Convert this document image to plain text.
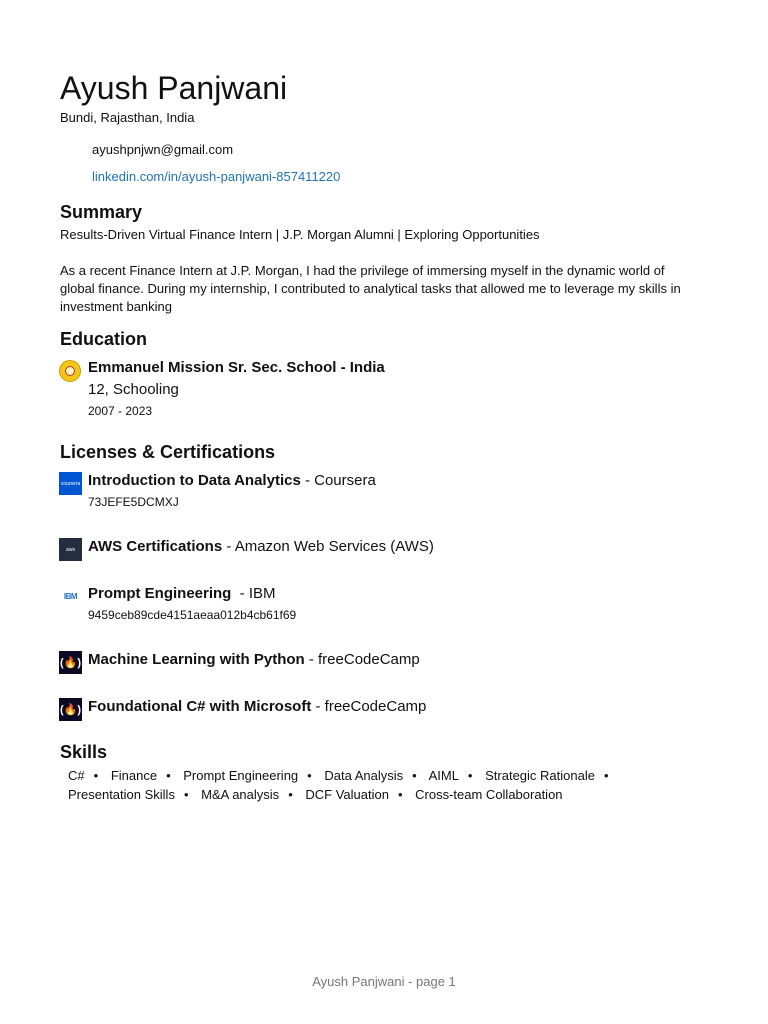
Ayush Panjwani
Bundi, Rajasthan, India
ayushpnjwn@gmail.com
linkedin.com/in/ayush-panjwani-857411220
Summary
Results-Driven Virtual Finance Intern | J.P. Morgan Alumni | Exploring Opportunities

As a recent Finance Intern at J.P. Morgan, I had the privilege of immersing myself in the dynamic world of global finance. During my internship, I contributed to analytical tasks that allowed me to leverage my skills in investment banking

Education
Emmanuel Mission Sr. Sec. School - India
12, Schooling
2007 - 2023
Licenses & Certifications
coursera Introduction to Data Analytics - Coursera
73JEFE5DCMXJ
aws AWS Certifications - Amazon Web Services (AWS)
IBM Prompt Engineering  - IBM
9459ceb89cde4151aeaa012b4cb61f69
(🔥) Machine Learning with Python - freeCodeCamp
(🔥) Foundational C# with Microsoft - freeCodeCamp
Skills
C# • Finance • Prompt Engineering • Data Analysis • AIML • Strategic Rationale • Presentation Skills • M&A analysis • DCF Valuation • Cross-team Collaboration
Ayush Panjwani - page 1
